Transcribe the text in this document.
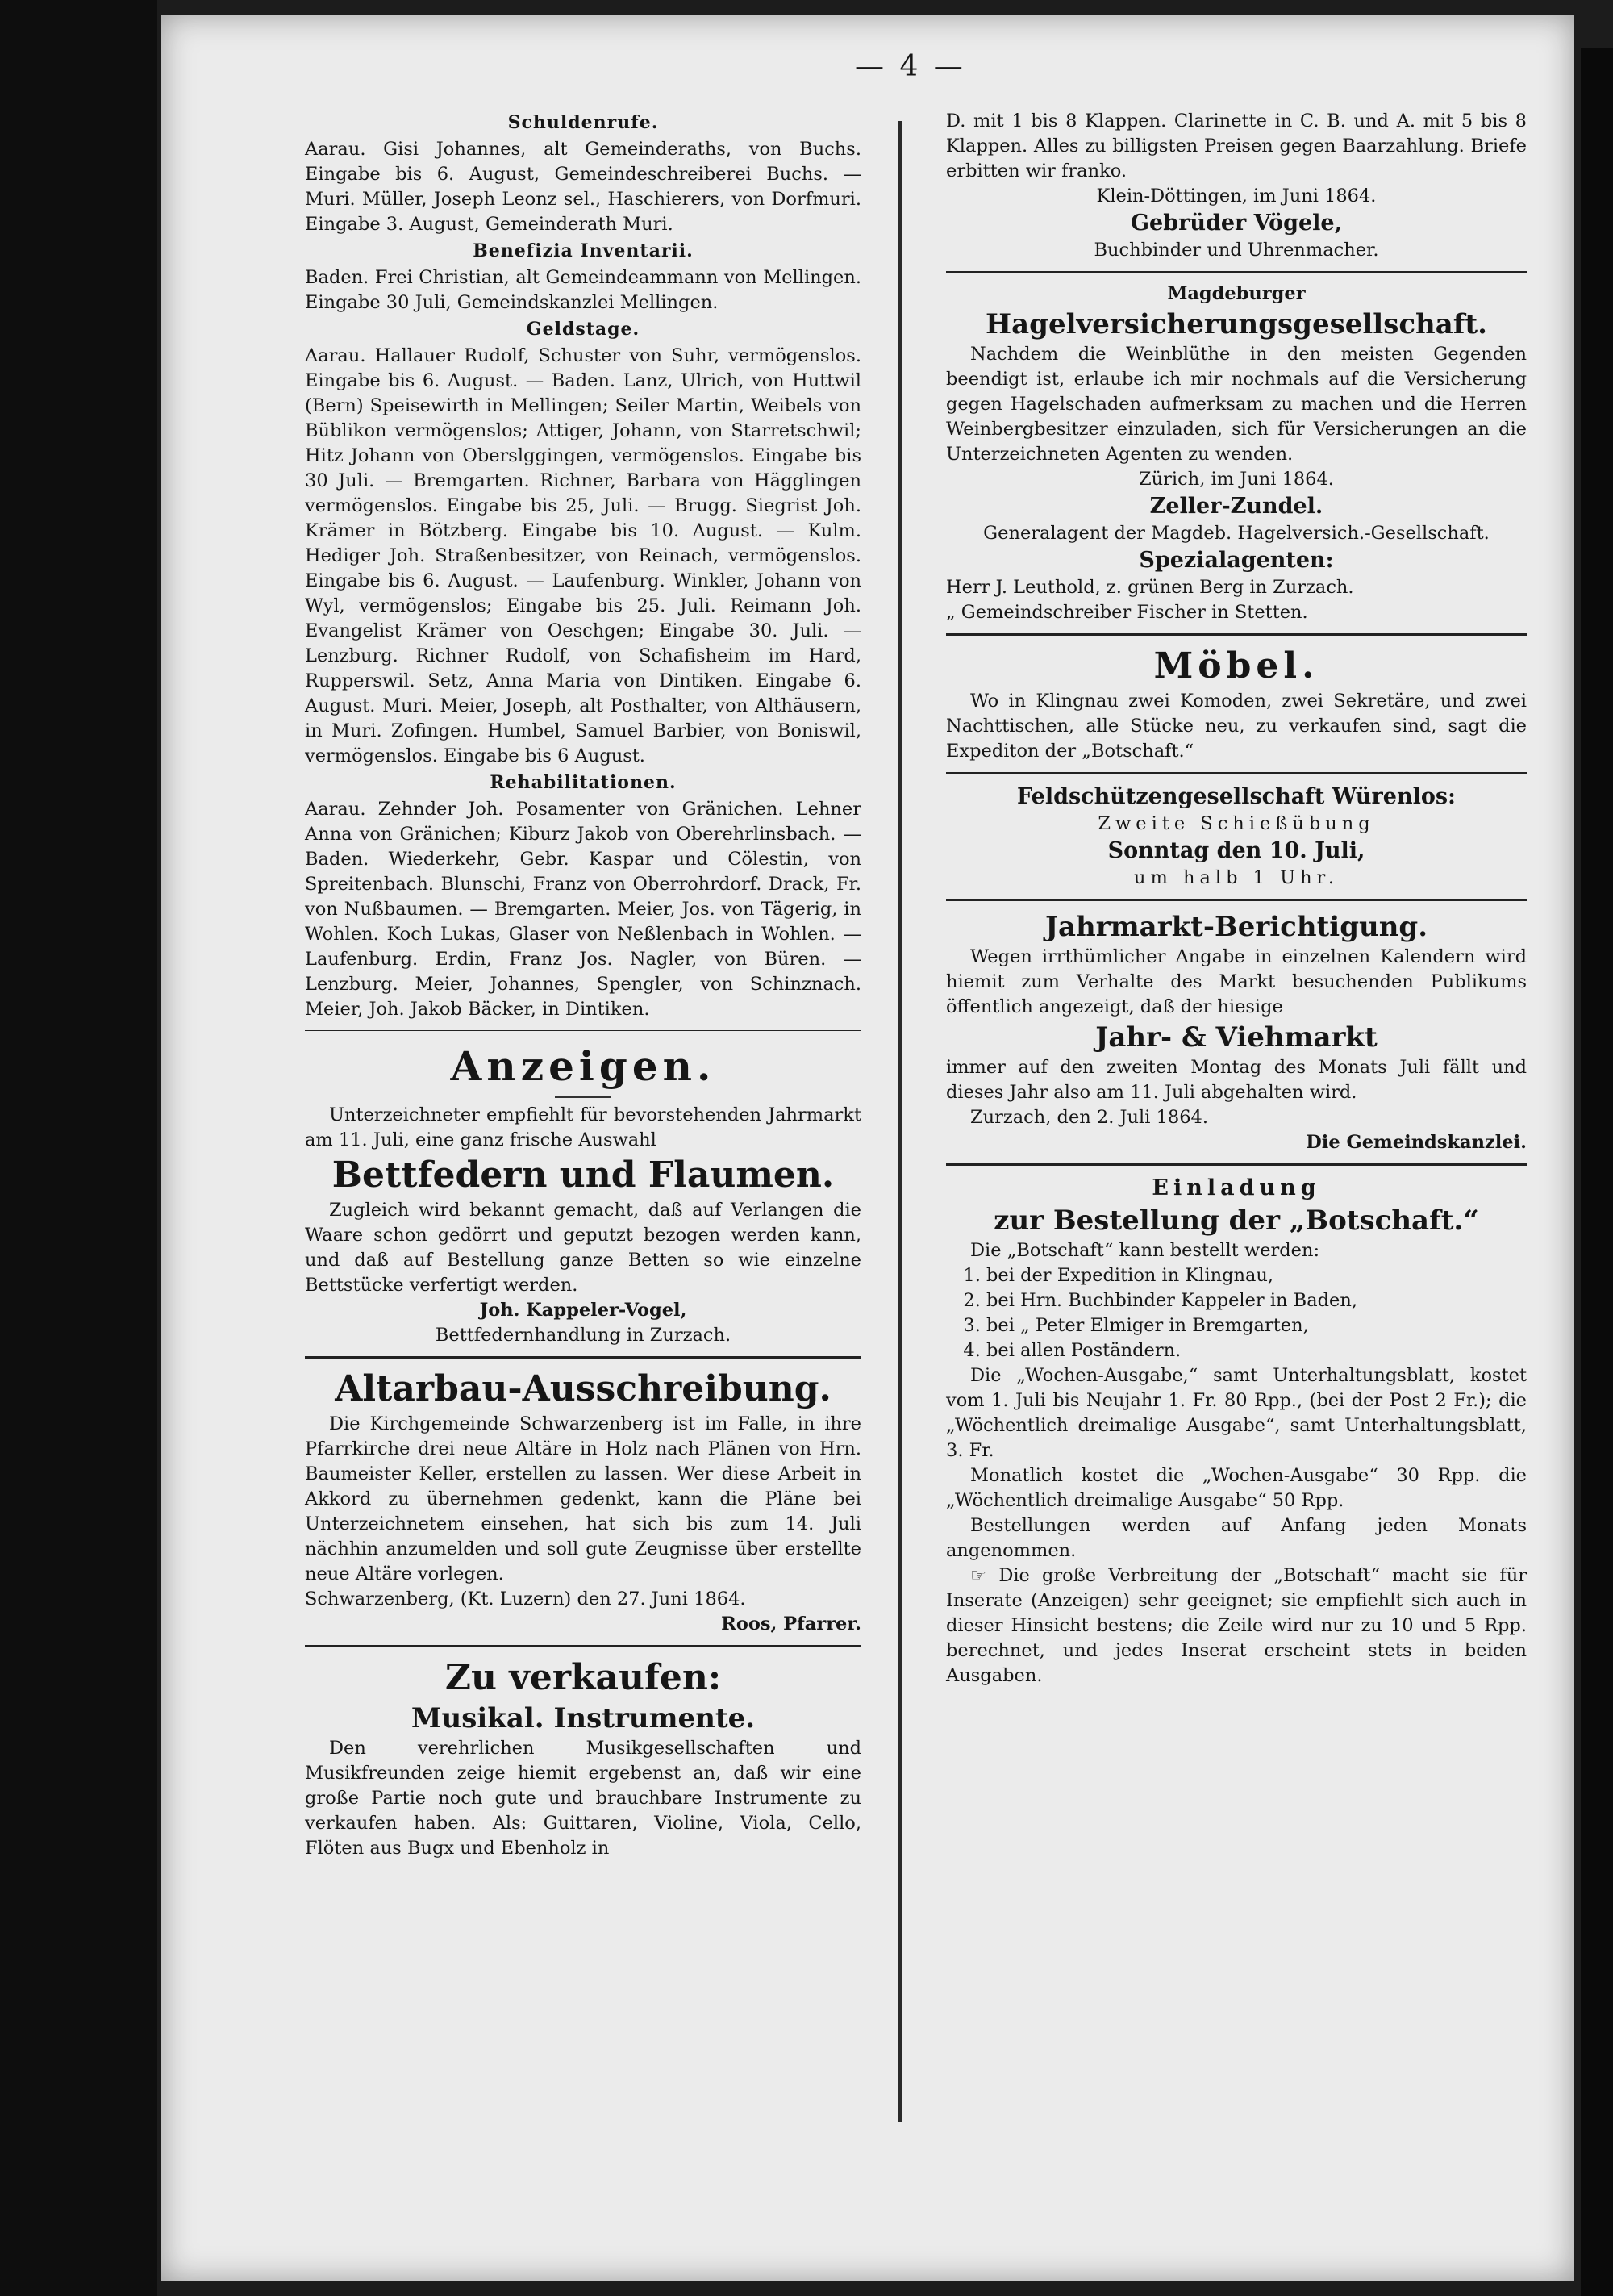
— 4 —
Schuldenrufe.

Aarau. Gisi Johannes, alt Gemeinderaths, von Buchs. Eingabe bis 6. August, Gemeindeschreiberei Buchs. — Muri. Müller, Joseph Leonz sel., Haschierers, von Dorfmuri. Eingabe 3. August, Gemeinderath Muri.

Benefizia Inventarii.

Baden. Frei Christian, alt Gemeindeammann von Mellingen. Eingabe 30 Juli, Gemeindskanzlei Mellingen.

Geldstage.

Aarau. Hallauer Rudolf, Schuster von Suhr, vermögenslos. Eingabe bis 6. August. — Baden. Lanz, Ulrich, von Huttwil (Bern) Speisewirth in Mellingen; Seiler Martin, Weibels von Büblikon vermögenslos; Attiger, Johann, von Starretschwil; Hitz Johann von Oberslggingen, vermögenslos. Eingabe bis 30 Juli. — Bremgarten. Richner, Barbara von Hägglingen vermögenslos. Eingabe bis 25, Juli. — Brugg. Siegrist Joh. Krämer in Bötzberg. Eingabe bis 10. August. — Kulm. Hediger Joh. Straßenbesitzer, von Reinach, vermögenslos. Eingabe bis 6. August. — Laufenburg. Winkler, Johann von Wyl, vermögenslos; Eingabe bis 25. Juli. Reimann Joh. Evangelist Krämer von Oeschgen; Eingabe 30. Juli. — Lenzburg. Richner Rudolf, von Schafisheim im Hard, Rupperswil. Setz, Anna Maria von Dintiken. Eingabe 6. August. Muri. Meier, Joseph, alt Posthalter, von Althäusern, in Muri. Zofingen. Humbel, Samuel Barbier, von Boniswil, vermögenslos. Eingabe bis 6 August.

Rehabilitationen.

Aarau. Zehnder Joh. Posamenter von Gränichen. Lehner Anna von Gränichen; Kiburz Jakob von Oberehrlinsbach. — Baden. Wiederkehr, Gebr. Kaspar und Cölestin, von Spreitenbach. Blunschi, Franz von Oberrohrdorf. Drack, Fr. von Nußbaumen. — Bremgarten. Meier, Jos. von Tägerig, in Wohlen. Koch Lukas, Glaser von Neßlenbach in Wohlen. — Laufenburg. Erdin, Franz Jos. Nagler, von Büren. — Lenzburg. Meier, Johannes, Spengler, von Schinznach. Meier, Joh. Jakob Bäcker, in Dintiken.

Anzeigen.

Unterzeichneter empfiehlt für bevorstehenden Jahrmarkt am 11. Juli, eine ganz frische Auswahl

Bettfedern und Flaumen.

Zugleich wird bekannt gemacht, daß auf Verlangen die Waare schon gedörrt und geputzt bezogen werden kann, und daß auf Bestellung ganze Betten so wie einzelne Bettstücke verfertigt werden.

Joh. Kappeler-Vogel,
Bettfedernhandlung in Zurzach.
Altarbau-Ausschreibung.

Die Kirchgemeinde Schwarzenberg ist im Falle, in ihre Pfarrkirche drei neue Altäre in Holz nach Plänen von Hrn. Baumeister Keller, erstellen zu lassen. Wer diese Arbeit in Akkord zu übernehmen gedenkt, kann die Pläne bei Unterzeichnetem einsehen, hat sich bis zum 14. Juli nächhin anzumelden und soll gute Zeugnisse über erstellte neue Altäre vorlegen.

Schwarzenberg, (Kt. Luzern) den 27. Juni 1864.
Roos, Pfarrer.
Zu verkaufen:
Musikal. Instrumente.

Den verehrlichen Musikgesellschaften und Musikfreunden zeige hiemit ergebenst an, daß wir eine große Partie noch gute und brauchbare Instrumente zu verkaufen haben. Als: Guittaren, Violine, Viola, Cello, Flöten aus Bugx und Ebenholz in

D. mit 1 bis 8 Klappen. Clarinette in C. B. und A. mit 5 bis 8 Klappen. Alles zu billigsten Preisen gegen Baarzahlung. Briefe erbitten wir franko.

Klein-Döttingen, im Juni 1864.
Gebrüder Vögele,
Buchbinder und Uhrenmacher.
Magdeburger
Hagelversicherungsgesellschaft.

Nachdem die Weinblüthe in den meisten Gegenden beendigt ist, erlaube ich mir nochmals auf die Versicherung gegen Hagelschaden aufmerksam zu machen und die Herren Weinbergbesitzer einzuladen, sich für Versicherungen an die Unterzeichneten Agenten zu wenden.

Zürich, im Juni 1864.
Zeller-Zundel.
Generalagent der Magdeb. Hagelversich.-Gesellschaft.
Spezialagenten:
Herr J. Leuthold, z. grünen Berg in Zurzach.
„ Gemeindschreiber Fischer in Stetten.
Möbel.

Wo in Klingnau zwei Komoden, zwei Sekretäre, und zwei Nachttischen, alle Stücke neu, zu verkaufen sind, sagt die Expediton der „Botschaft.“

Feldschützengesellschaft Würenlos:
Zweite Schießübung
Sonntag den 10. Juli,
um halb 1 Uhr.
Jahrmarkt-Berichtigung.

Wegen irrthümlicher Angabe in einzelnen Kalendern wird hiemit zum Verhalte des Markt besuchenden Publikums öffentlich angezeigt, daß der hiesige

Jahr- & Viehmarkt

immer auf den zweiten Montag des Monats Juli fällt und dieses Jahr also am 11. Juli abgehalten wird.

Zurzach, den 2. Juli 1864.
Die Gemeindskanzlei.
Einladung
zur Bestellung der „Botschaft.“

Die „Botschaft“ kann bestellt werden:

1. bei der Expedition in Klingnau,
2. bei Hrn. Buchbinder Kappeler in Baden,
3. bei „ Peter Elmiger in Bremgarten,
4. bei allen Poständern.

Die „Wochen-Ausgabe,“ samt Unterhaltungsblatt, kostet vom 1. Juli bis Neujahr 1. Fr. 80 Rpp., (bei der Post 2 Fr.); die „Wöchentlich dreimalige Ausgabe“, samt Unterhaltungsblatt, 3. Fr.

Monatlich kostet die „Wochen-Ausgabe“ 30 Rpp. die „Wöchentlich dreimalige Ausgabe“ 50 Rpp.

Bestellungen werden auf Anfang jeden Monats angenommen.

☞ Die große Verbreitung der „Botschaft“ macht sie für Inserate (Anzeigen) sehr geeignet; sie empfiehlt sich auch in dieser Hinsicht bestens; die Zeile wird nur zu 10 und 5 Rpp. berechnet, und jedes Inserat erscheint stets in beiden Ausgaben.
